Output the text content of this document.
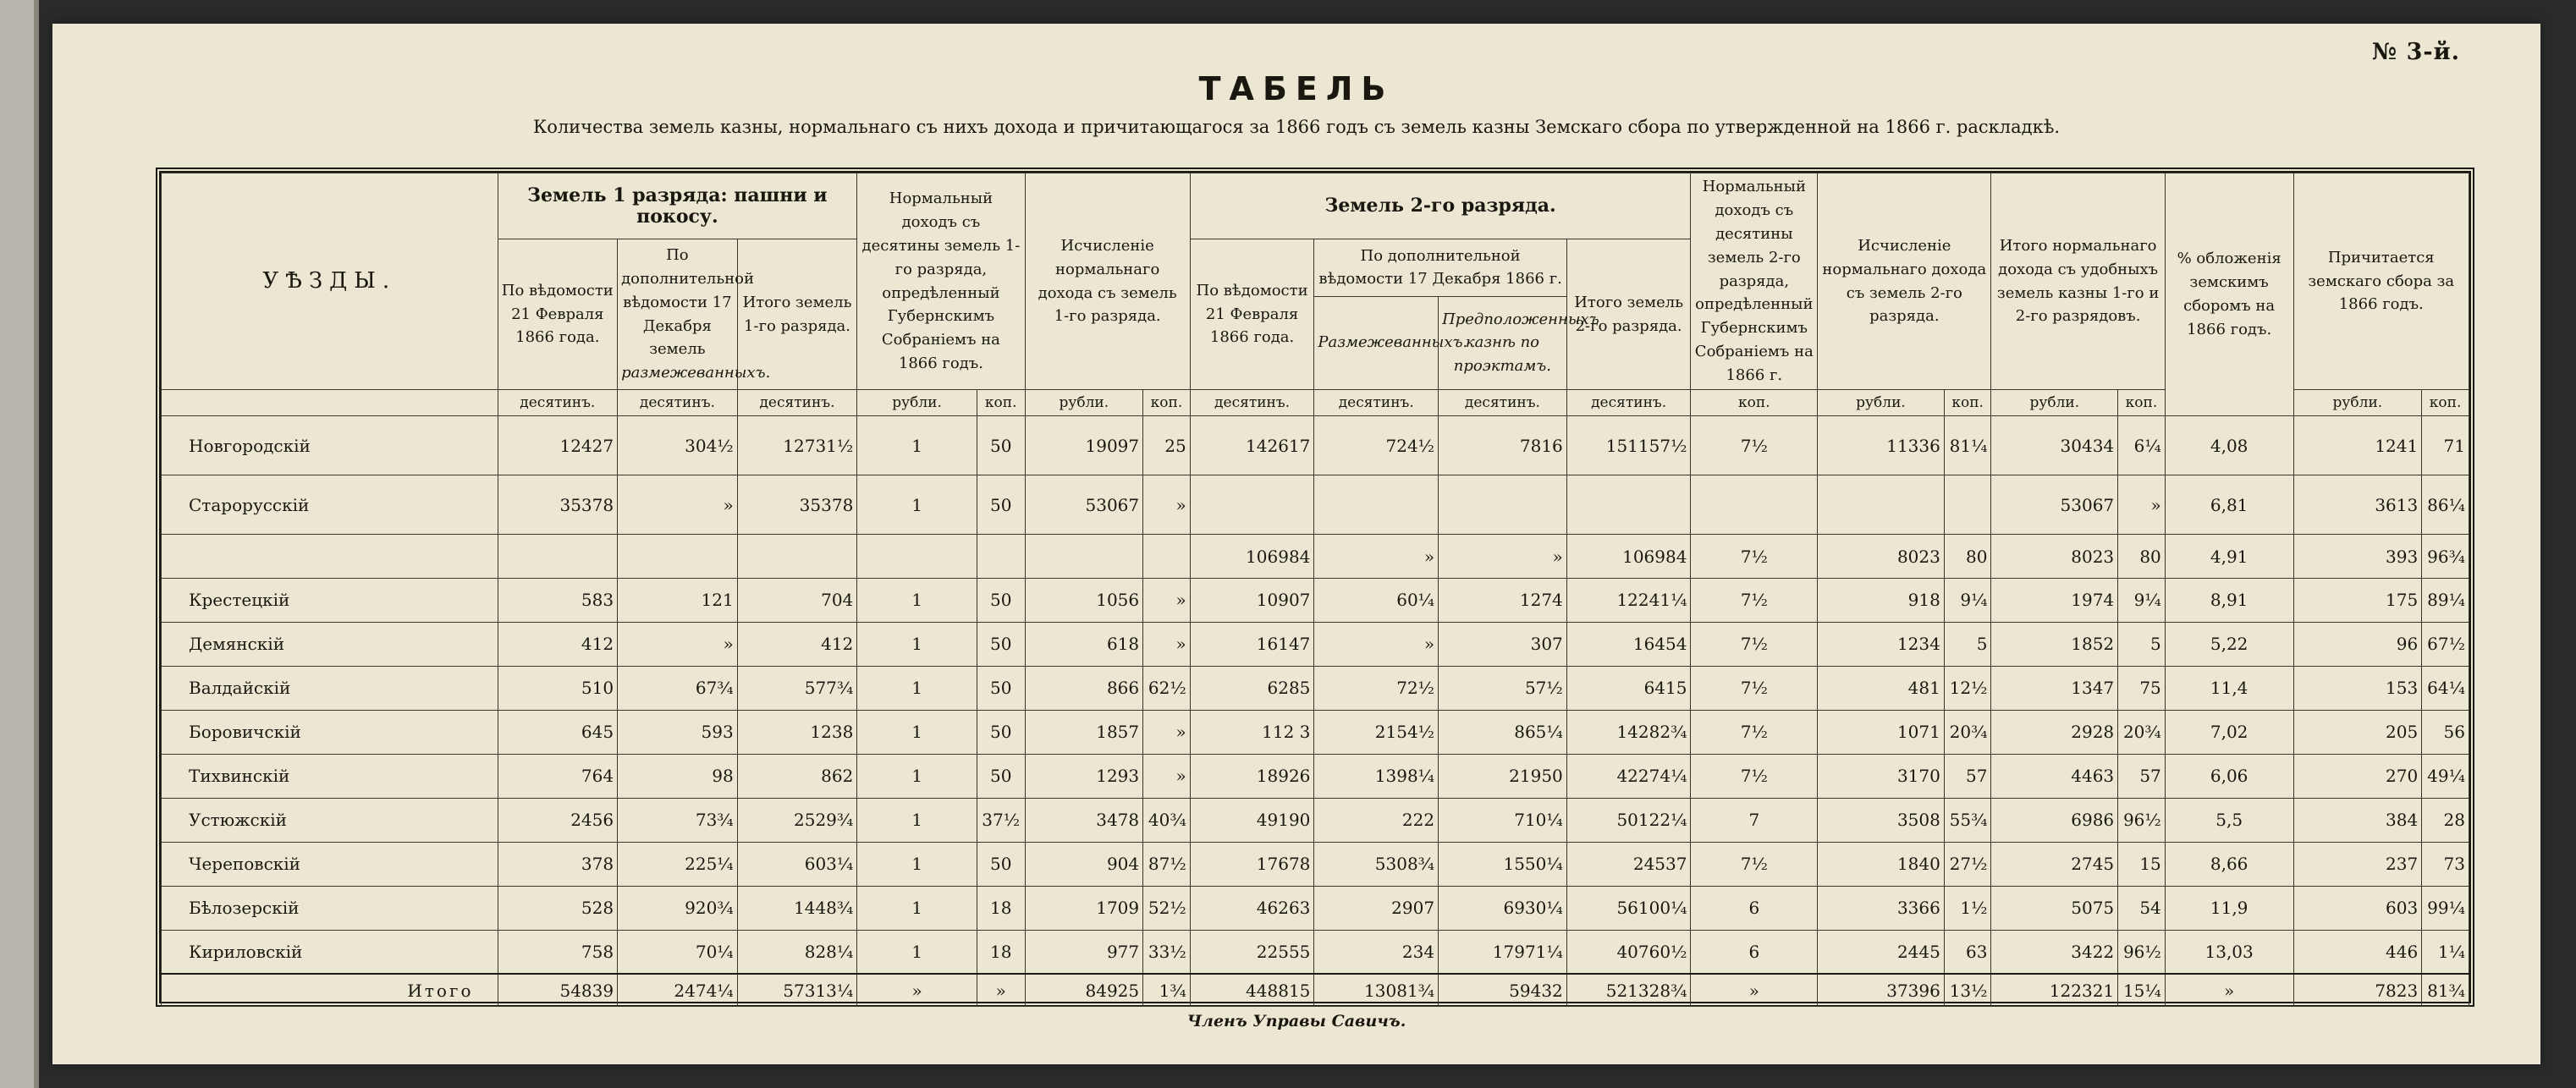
№ 3-й.
ТАБЕЛЬ
Количества земель казны, нормальнаго съ нихъ дохода и причитающагося за 1866 годъ съ земель казны Земскаго сбора по утвержденной на 1866 г. раскладкѣ.
УѢЗДЫ.	Земель 1 разряда: пашни и покосу.			Нормальный доходъ съ десятины земель 1-го разряда, опредѣленный Губернскимъ Собраніемъ на 1866 годъ.		Исчисленіе нормальнаго дохода съ земель 1-го разряда.		Земель 2-го разряда.				Нормальный доходъ съ десятины земель 2-го разряда, опредѣленный Губернскимъ Собраніемъ на 1866 г.	Исчисленіе нормальнаго дохода съ земель 2-го разряда.		Итого нормальнаго дохода съ удобныхъ земель казны 1-го и 2-го разрядовъ.		% обложенія земскимъ сборомъ на 1866 годъ.	Причитается земскаго сбора за 1866 годъ.	
	По вѣдомости 21 Февраля 1866 года.	По дополнительной вѣдомости 17 Декабря земель размежеванныхъ.	Итого земель 1-го разряда.					По вѣдомости 21 Февраля 1866 года.	По дополнительной вѣдомости 17 Декабря 1866 г.		Итого земель 2-го разряда.								
									Размежеванныхъ.	Предположенныхъ казнѣ по проэктамъ.									
	десятинъ.	десятинъ.	десятинъ.	рубли.	коп.	рубли.	коп.	десятинъ.	десятинъ.	десятинъ.	десятинъ.	коп.	рубли.	коп.	рубли.	коп.		рубли.	коп.
Новгородскій	12427	304½	12731½	1	50	19097	25	142617	724½	7816	151157½	7½	11336	81¼	30434	6¼	4,08	1241	71
Старорусскій	35378	»	35378	1	50	53067	»								53067	»	6,81	3613	86¼
								106984	»	»	106984	7½	8023	80	8023	80	4,91	393	96¾
Крестецкій	583	121	704	1	50	1056	»	10907	60¼	1274	12241¼	7½	918	9¼	1974	9¼	8,91	175	89¼
Демянскій	412	»	412	1	50	618	»	16147	»	307	16454	7½	1234	5	1852	5	5,22	96	67½
Валдайскій	510	67¾	577¾	1	50	866	62½	6285	72½	57½	6415	7½	481	12½	1347	75	11,4	153	64¼
Боровичскій	645	593	1238	1	50	1857	»	112 3	2154½	865¼	14282¾	7½	1071	20¾	2928	20¾	7,02	205	56
Тихвинскій	764	98	862	1	50	1293	»	18926	1398¼	21950	42274¼	7½	3170	57	4463	57	6,06	270	49¼
Устюжскій	2456	73¾	2529¾	1	37½	3478	40¾	49190	222	710¼	50122¼	7	3508	55¾	6986	96½	5,5	384	28
Череповскій	378	225¼	603¼	1	50	904	87½	17678	5308¾	1550¼	24537	7½	1840	27½	2745	15	8,66	237	73
Бѣлозерскій	528	920¾	1448¾	1	18	1709	52½	46263	2907	6930¼	56100¼	6	3366	1½	5075	54	11,9	603	99¼
Кириловскій	758	70¼	828¼	1	18	977	33½	22555	234	17971¼	40760½	6	2445	63	3422	96½	13,03	446	1¼
Итого	54839	2474¼	57313¼	»	»	84925	1¾	448815	13081¾	59432	521328¾	»	37396	13½	122321	15¼	»	7823	81¾
Членъ Управы Савичъ.
